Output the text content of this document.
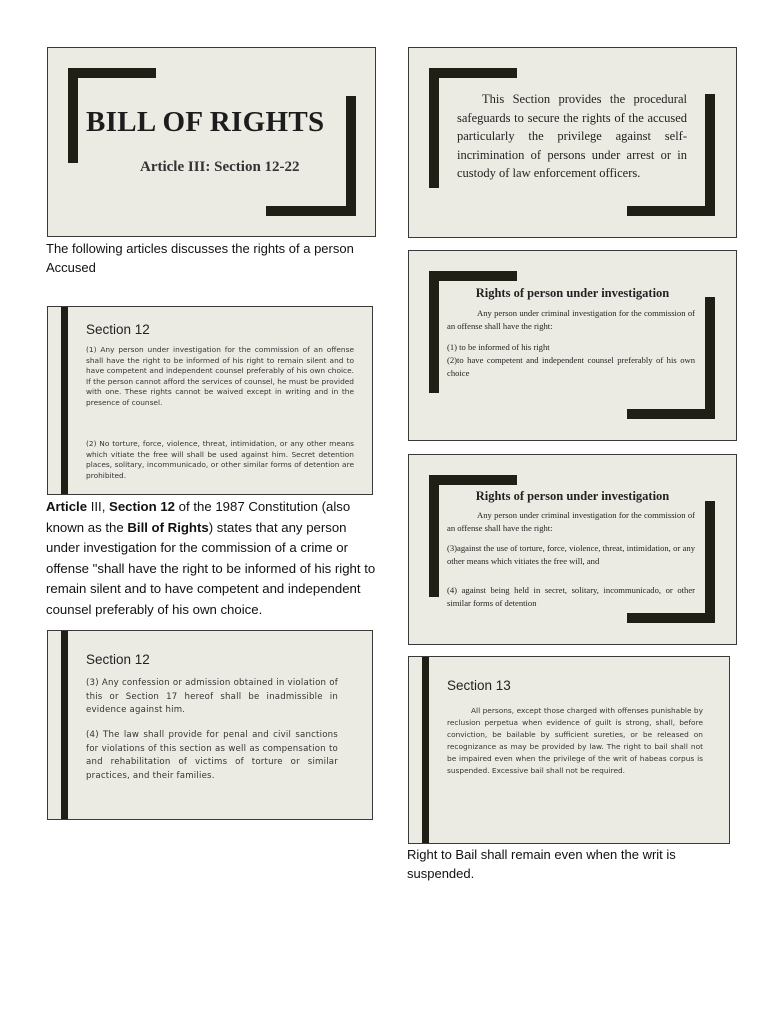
BILL OF RIGHTS
Article III: Section 12-22
The following articles discusses the rights of a person Accused
Section 12
(1) Any person under investigation for the commission of an offense shall have the right to be informed of his right to remain silent and to have competent and independent counsel preferably of his own choice. If the person cannot afford the services of counsel, he must be provided with one. These rights cannot be waived except in writing and in the presence of counsel.
(2) No torture, force, violence, threat, intimidation, or any other means which vitiate the free will shall be used against him. Secret detention places, solitary, incommunicado, or other similar forms of detention are prohibited.
Article III, Section 12 of the 1987 Constitution (also known as the Bill of Rights) states that any person under investigation for the commission of a crime or offense "shall have the right to be informed of his right to remain silent and to have competent and independent counsel preferably of his own choice.
Section 12
(3) Any confession or admission obtained in violation of this or Section 17 hereof shall be inadmissible in evidence against him.
(4) The law shall provide for penal and civil sanctions for violations of this section as well as compensation to and rehabilitation of victims of torture or similar practices, and their families.
This Section provides the procedural safeguards to secure the rights of the accused particularly the privilege against self-incrimination of persons under arrest or in custody of law enforcement officers.
Rights of person under investigation
Any person under criminal investigation for the commission of an offense shall have the right:
(1) to be informed of his right
(2)to have competent and independent counsel preferably of his own choice
Rights of person under investigation
Any person under criminal investigation for the commission of an offense shall have the right:
(3)against the use of torture, force, violence, threat, intimidation, or any other means which vitiates the free will, and
(4) against being held in secret, solitary, incommunicado, or other similar forms of detention
Section 13
All persons, except those charged with offenses punishable by reclusion perpetua when evidence of guilt is strong, shall, before conviction, be bailable by sufficient sureties, or be released on recognizance as may be provided by law. The right to bail shall not be impaired even when the privilege of the writ of habeas corpus is suspended. Excessive bail shall not be required.
Right to Bail shall remain even when the writ is suspended.
